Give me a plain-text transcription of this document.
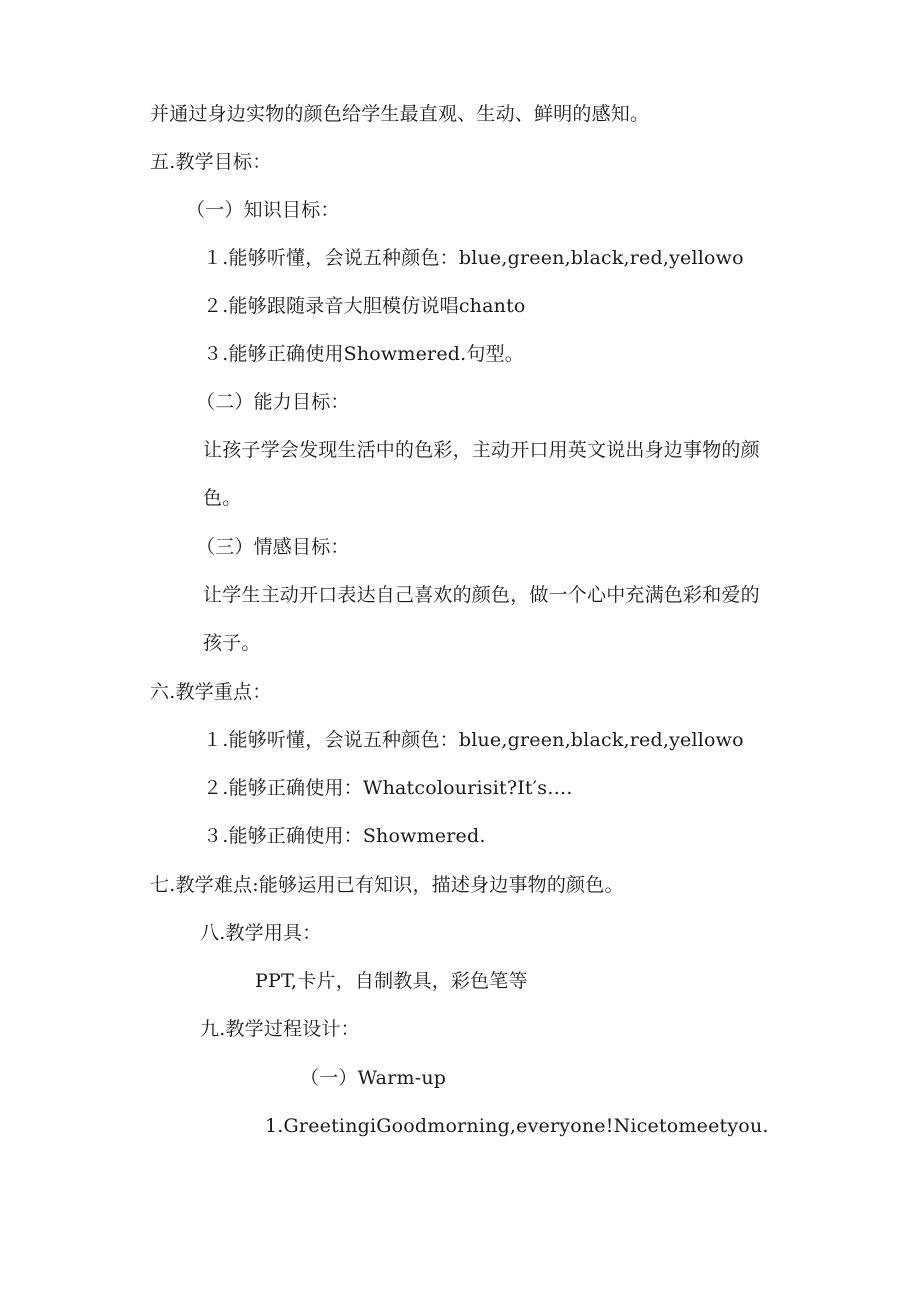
并通过身边实物的颜色给学生最直观、生动、鲜明的感知。
五.教学目标：
（一）知识目标：
１.能够听懂，会说五种颜色：blue,green,black,red,yellowo
２.能够跟随录音大胆模仿说唱chanto
３.能够正确使用Showmered.句型。
（二）能力目标：
让孩子学会发现生活中的色彩，主动开口用英文说出身边事物的颜
色。
（三）情感目标：
让学生主动开口表达自己喜欢的颜色，做一个心中充满色彩和爱的
孩子。
六.教学重点：
１.能够听懂，会说五种颜色：blue,green,black,red,yellowo
２.能够正确使用：Whatcolourisit?It′s….
３.能够正确使用：Showmered.
七.教学难点:能够运用已有知识，描述身边事物的颜色。
八.教学用具：
PPT,卡片，自制教具，彩色笔等
九.教学过程设计：
（一）Warm-up
1.GreetingiGoodmorning,everyone!Nicetomeetyou.
